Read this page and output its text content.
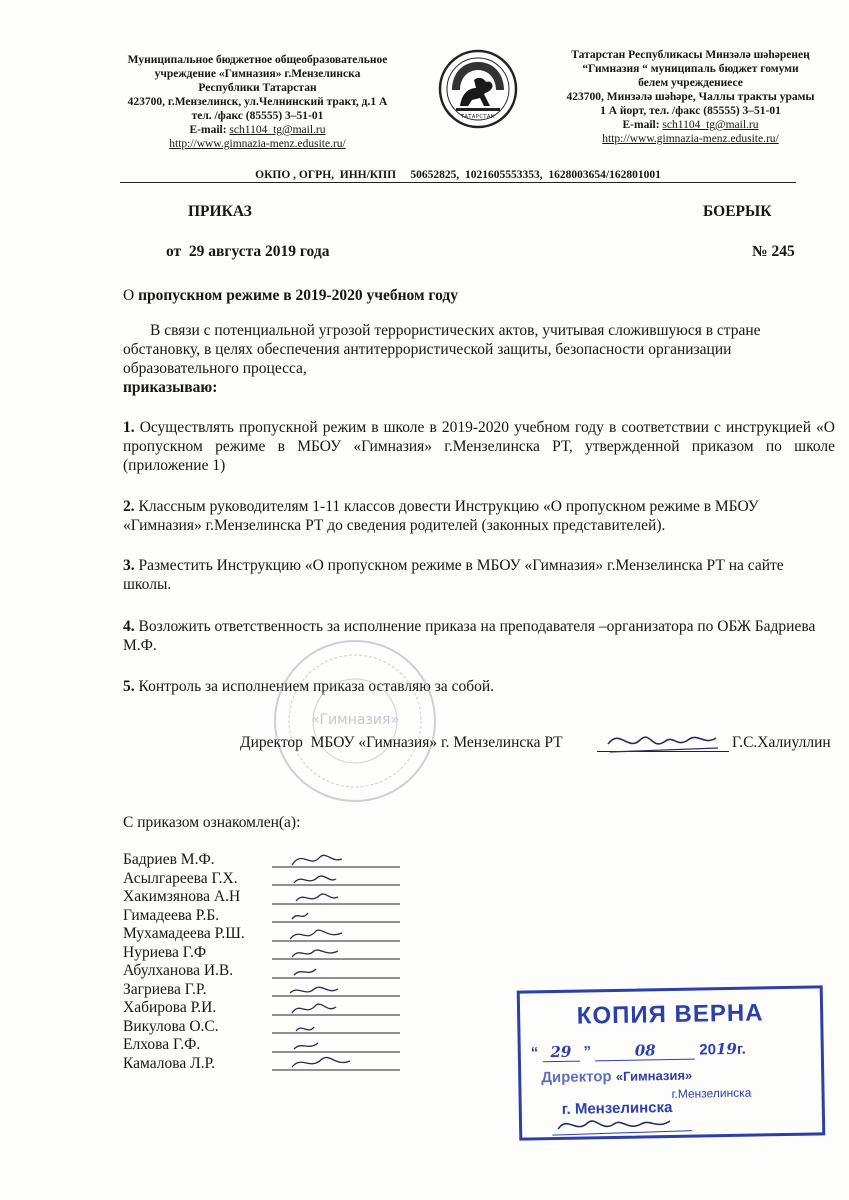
Муниципальное бюджетное общеобразовательное
учреждение «Гимназия» г.Мензелинска
Республики Татарстан
423700, г.Мензелинск, ул.Челнинский тракт, д.1 А
тел. /факс (85555) 3–51-01
E-mail: sch1104_tg@mail.ru
http://www.gimnazia-menz.edusite.ru/
ТАТАРСТАН
Татарстан Республикасы Минзәлә шәһәренең
“Гимназия “ муниципаль бюджет гомуми
белем учреждениесе
423700, Минзәлә шәһәре, Чаллы тракты урамы
1 А йорт, тел. /факс (85555) 3–51-01
E-mail: sch1104_tg@mail.ru
http://www.gimnazia-menz.edusite.ru/
ОКПО , ОГРН,  ИНН/КПП     50652825,  1021605553353,  1628003654/162801001
ПРИКАЗ	БОЕРЫК
от  29 августа 2019 года	№ 245
О пропускном режиме в 2019-2020 учебном году
В связи с потенциальной угрозой террористических актов, учитывая сложившуюся в стране обстановку, в целях обеспечения антитеррористической защиты, безопасности организации образовательного процесса,
приказываю:
1. Осуществлять пропускной режим в школе в 2019-2020 учебном году в соответствии с инструкцией «О пропускном режиме в МБОУ «Гимназия» г.Мензелинска РТ, утвержденной приказом по школе (приложение 1)
2. Классным руководителям 1-11 классов довести Инструкцию «О пропускном режиме в МБОУ «Гимназия» г.Мензелинска РТ до сведения родителей (законных представителей).
3. Разместить Инструкцию «О пропускном режиме в МБОУ «Гимназия» г.Мензелинска РТ на сайте школы.
4. Возложить ответственность за исполнение приказа на преподавателя –организатора по ОБЖ Бадриева М.Ф.
5. Контроль за исполнением приказа оставляю за собой.
«Гимназия»
Директор  МБОУ «Гимназия» г. Мензелинска РТ	Г.С.Халиуллин
С приказом ознакомлен(а):
Бадриев М.Ф.
Асылгареева Г.Х.
Хакимзянова А.Н
Гимадеева Р.Б.
Мухамадеева Р.Ш.
Нуриева Г.Ф
Абулханова И.В.
Загриева Г.Р.
Хабирова Р.И.
Викулова О.С.
Елхова Г.Ф.
Камалова Л.Р.
КОПИЯ ВЕРНА
“ 29 ”	08	2019г.
Директор «Гимназия»
г.Мензелинска
г. Мензелинска
